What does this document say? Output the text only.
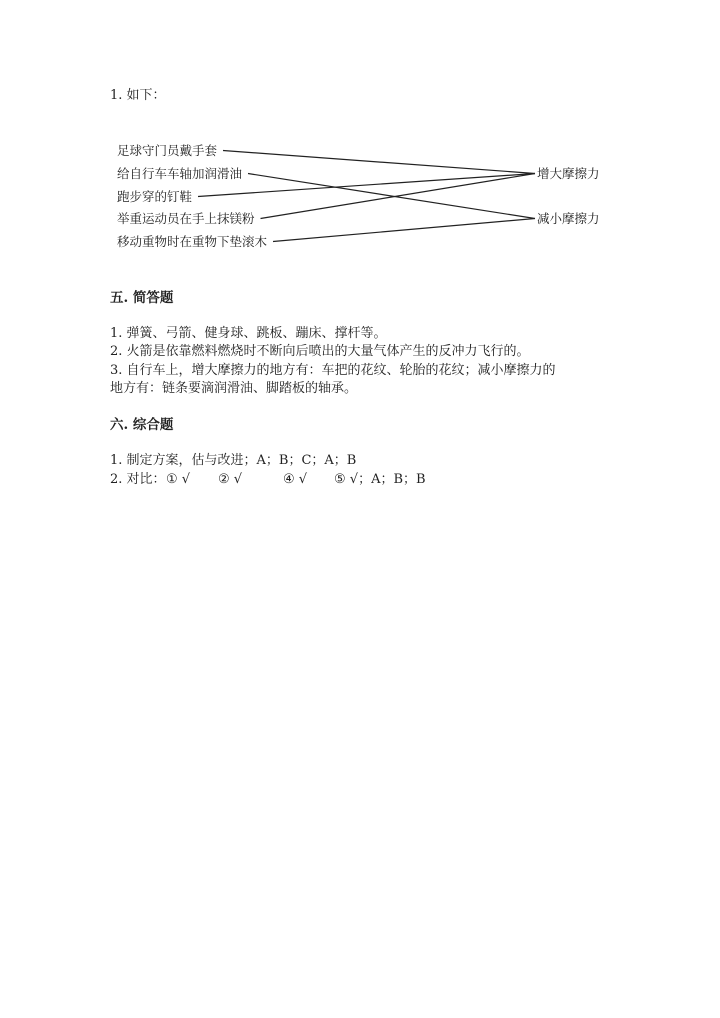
1. 如下：
足球守门员戴手套
给自行车车轴加润滑油
跑步穿的钉鞋
举重运动员在手上抹镁粉
移动重物时在重物下垫滚木
增大摩擦力
减小摩擦力
五. 简答题
1. 弹簧、弓箭、健身球、跳板、蹦床、撑杆等。
2. 火箭是依靠燃料燃烧时不断向后喷出的大量气体产生的反冲力飞行的。
3. 自行车上，增大摩擦力的地方有：车把的花纹、轮胎的花纹；减小摩擦力的
地方有：链条要滴润滑油、脚踏板的轴承。
六. 综合题
1. 制定方案，估与改进；A；B；C；A；B
2. 对比： ① √ ② √	④ √ ⑤ √；A；B；B
